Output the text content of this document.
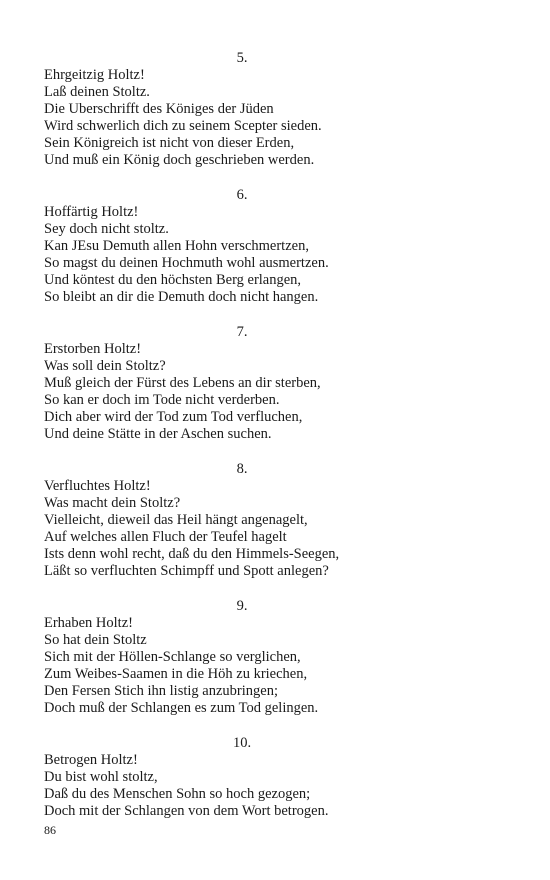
5.
Ehrgeitzig Holtz!
Laß deinen Stoltz.
Die Uberschrifft des Königes der Jüden
Wird schwerlich dich zu seinem Scepter sieden.
Sein Königreich ist nicht von dieser Erden,
Und muß ein König doch geschrieben werden.
6.
Hoffärtig Holtz!
Sey doch nicht stoltz.
Kan JEsu Demuth allen Hohn verschmertzen,
So magst du deinen Hochmuth wohl ausmertzen.
Und köntest du den höchsten Berg erlangen,
So bleibt an dir die Demuth doch nicht hangen.
7.
Erstorben Holtz!
Was soll dein Stoltz?
Muß gleich der Fürst des Lebens an dir sterben,
So kan er doch im Tode nicht verderben.
Dich aber wird der Tod zum Tod verfluchen,
Und deine Stätte in der Aschen suchen.
8.
Verfluchtes Holtz!
Was macht dein Stoltz?
Vielleicht, dieweil das Heil hängt angenagelt,
Auf welches allen Fluch der Teufel hagelt
Ists denn wohl recht, daß du den Himmels-Seegen,
Läßt so verfluchten Schimpff und Spott anlegen?
9.
Erhaben Holtz!
So hat dein Stoltz
Sich mit der Höllen-Schlange so verglichen,
Zum Weibes-Saamen in die Höh zu kriechen,
Den Fersen Stich ihn listig anzubringen;
Doch muß der Schlangen es zum Tod gelingen.
10.
Betrogen Holtz!
Du bist wohl stoltz,
Daß du des Menschen Sohn so hoch gezogen;
Doch mit der Schlangen von dem Wort betrogen.
86
